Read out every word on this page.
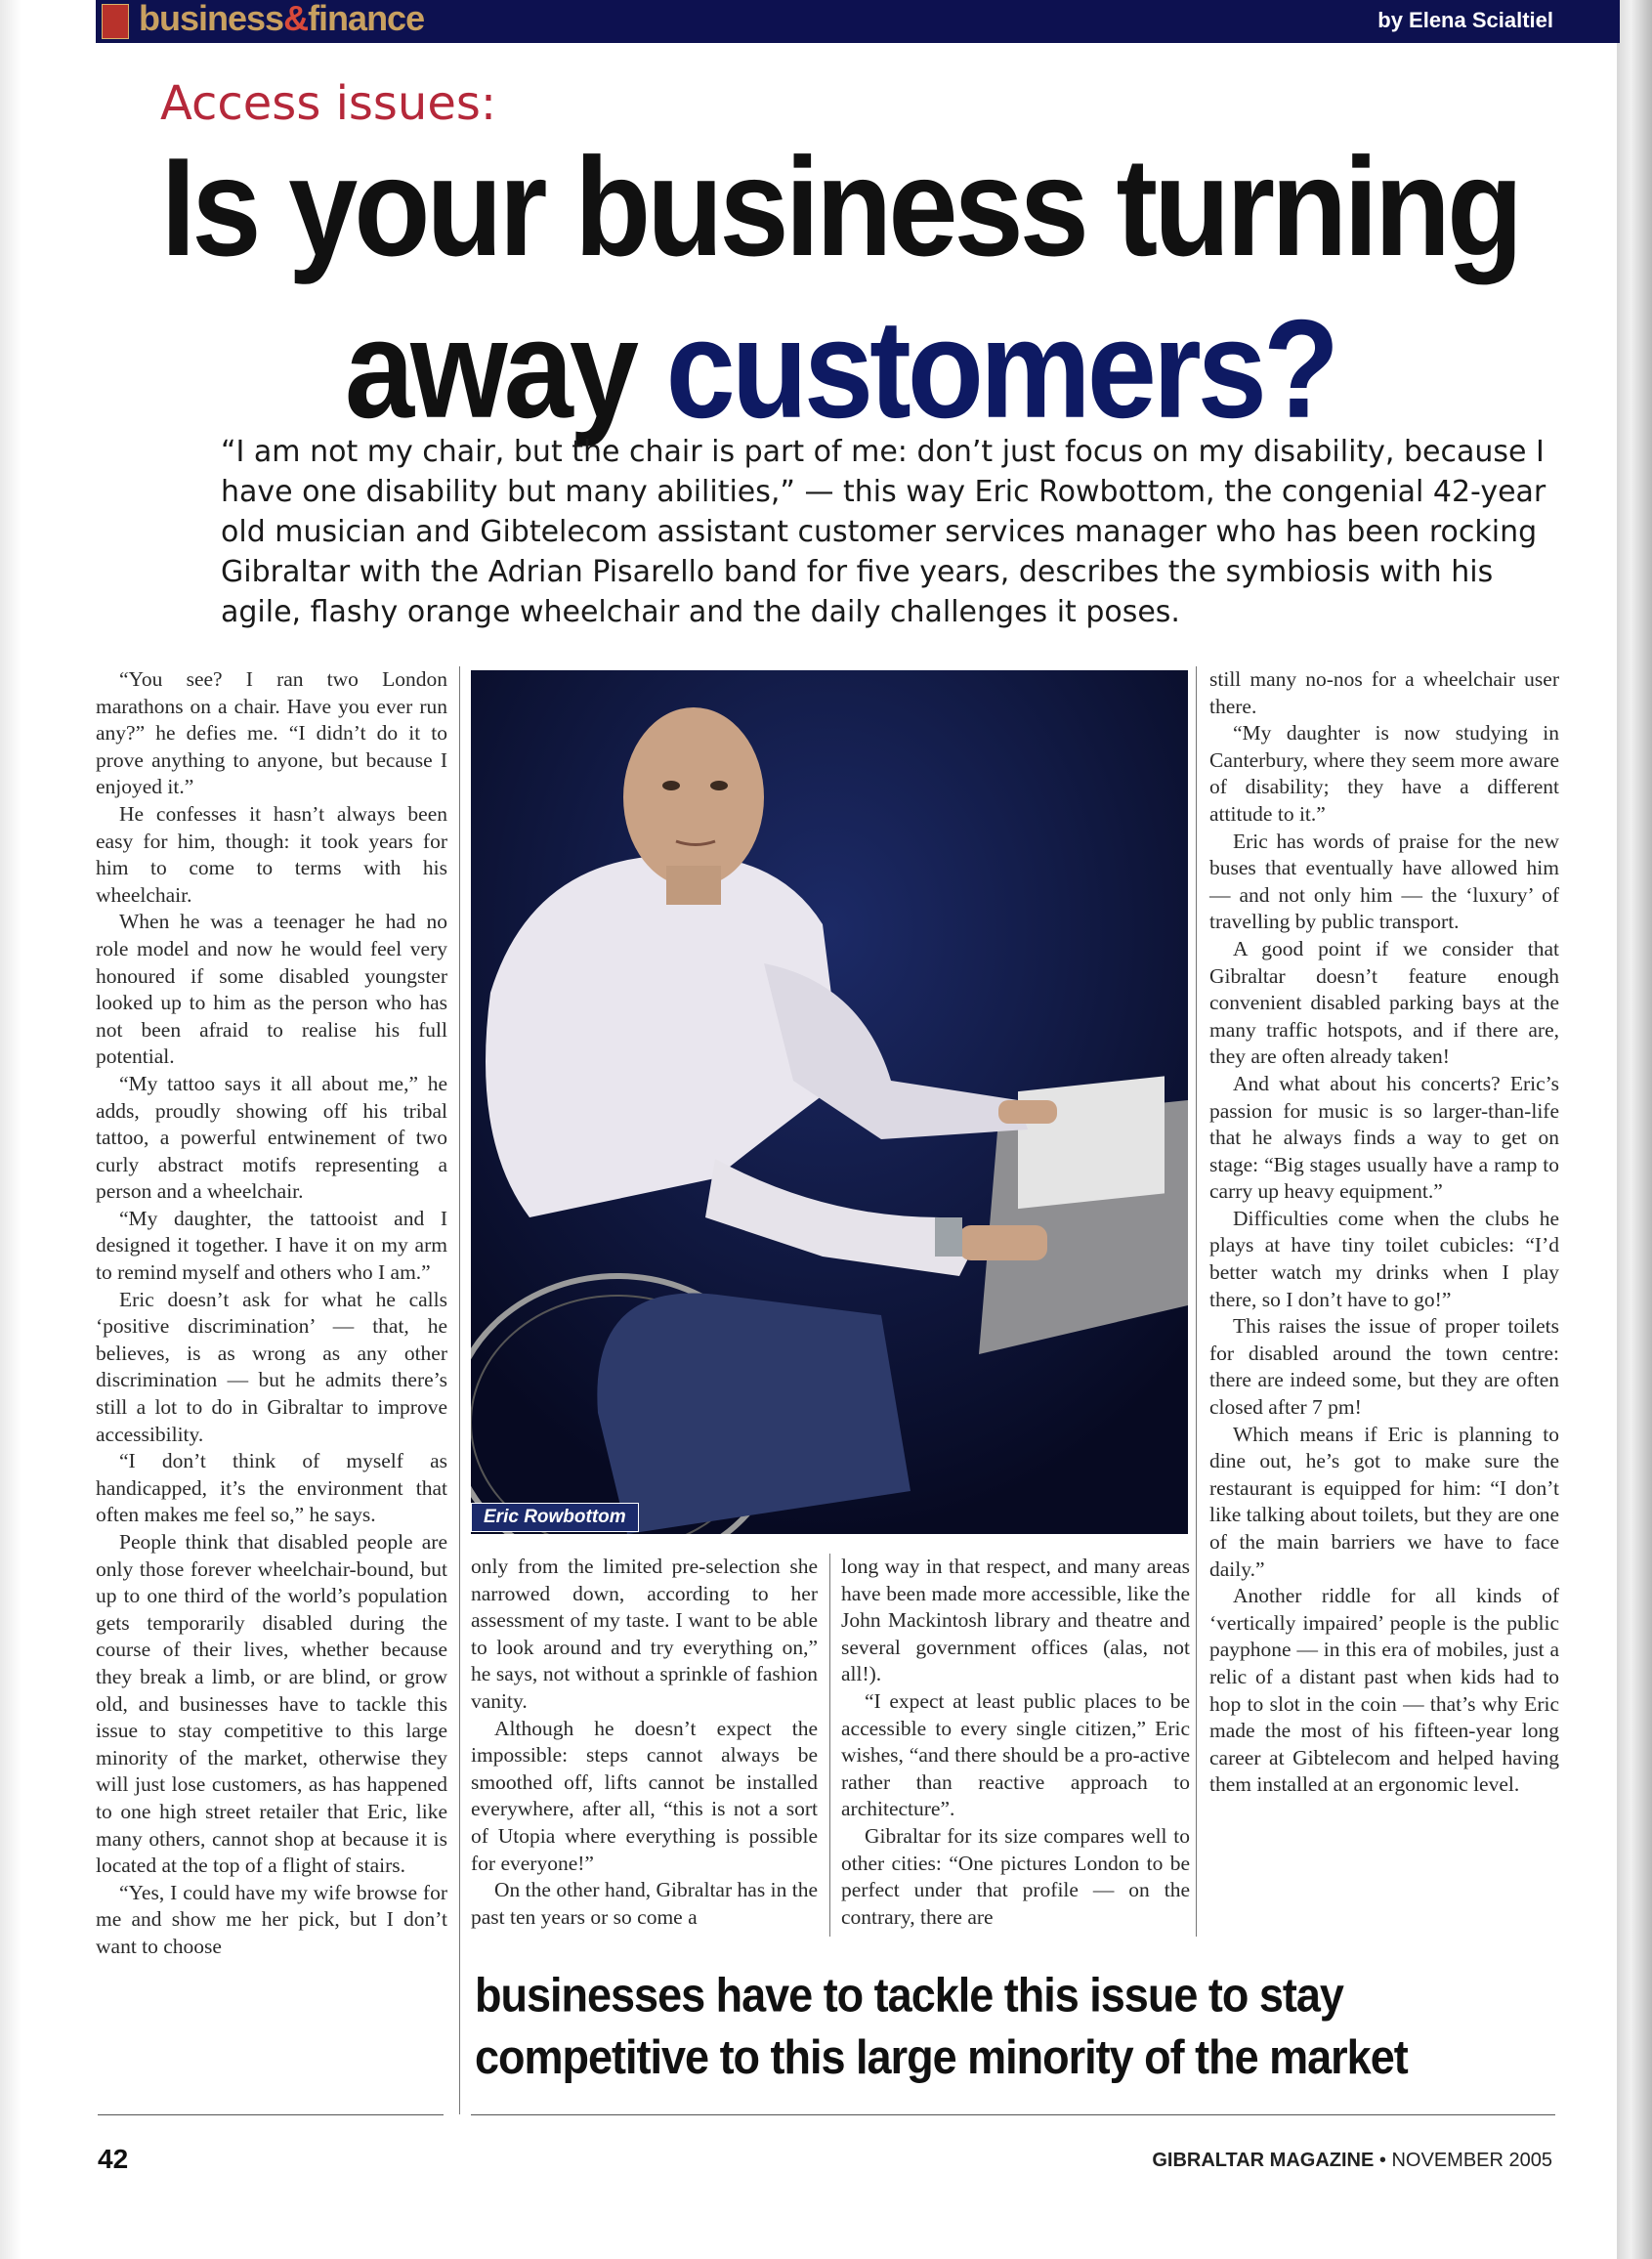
business&finance	by Elena Scialtiel
Access issues:
Is your business turning
away customers?
“I am not my chair, but the chair is part of me: don’t just focus on my disability, because I have one disability but many abilities,” — this way Eric Rowbottom, the congenial 42-year old musician and Gibtelecom assistant customer services manager who has been rocking Gibraltar with the Adrian Pisarello band for five years, describes the symbiosis with his agile, flashy orange wheelchair and the daily challenges it poses.

“You see? I ran two London marathons on a chair. Have you ever run any?” he defies me. “I didn’t do it to prove anything to anyone, but because I enjoyed it.”

He confesses it hasn’t always been easy for him, though: it took years for him to come to terms with his wheelchair.

When he was a teenager he had no role model and now he would feel very honoured if some disabled youngster looked up to him as the person who has not been afraid to realise his full potential.

“My tattoo says it all about me,” he adds, proudly showing off his tribal tattoo, a powerful entwinement of two curly abstract motifs representing a person and a wheelchair.

“My daughter, the tattooist and I designed it together. I have it on my arm to remind myself and others who I am.”

Eric doesn’t ask for what he calls ‘positive discrimination’ — that, he believes, is as wrong as any other discrimination — but he admits there’s still a lot to do in Gibraltar to improve accessibility.

“I don’t think of myself as handicapped, it’s the environment that often makes me feel so,” he says.

People think that disabled people are only those forever wheelchair-bound, but up to one third of the world’s population gets temporarily disabled during the course of their lives, whether because they break a limb, or are blind, or grow old, and businesses have to tackle this issue to stay competitive to this large minority of the market, otherwise they will just lose customers, as has happened to one high street retailer that Eric, like many others, cannot shop at because it is located at the top of a flight of stairs.

“Yes, I could have my wife browse for me and show me her pick, but I don’t want to choose

Eric Rowbottom

only from the limited pre-selection she narrowed down, according to her assessment of my taste. I want to be able to look around and try everything on,” he says, not without a sprinkle of fashion vanity.

Although he doesn’t expect the impossible: steps cannot always be smoothed off, lifts cannot be installed everywhere, after all, “this is not a sort of Utopia where everything is possible for everyone!”

On the other hand, Gibraltar has in the past ten years or so come a

long way in that respect, and many areas have been made more accessible, like the John Mackintosh library and theatre and several government offices (alas, not all!).

“I expect at least public places to be accessible to every single citizen,” Eric wishes, “and there should be a pro-active rather than reactive approach to architecture”.

Gibraltar for its size compares well to other cities: “One pictures London to be perfect under that profile — on the contrary, there are

still many no-nos for a wheelchair user there.

“My daughter is now studying in Canterbury, where they seem more aware of disability; they have a different attitude to it.”

Eric has words of praise for the new buses that eventually have allowed him — and not only him — the ‘luxury’ of travelling by public transport.

A good point if we consider that Gibraltar doesn’t feature enough convenient disabled parking bays at the many traffic hotspots, and if there are, they are often already taken!

And what about his concerts? Eric’s passion for music is so larger-than-life that he always finds a way to get on stage: “Big stages usually have a ramp to carry up heavy equipment.”

Difficulties come when the clubs he plays at have tiny toilet cubicles: “I’d better watch my drinks when I play there, so I don’t have to go!”

This raises the issue of proper toilets for disabled around the town centre: there are indeed some, but they are often closed after 7 pm!

Which means if Eric is planning to dine out, he’s got to make sure the restaurant is equipped for him: “I don’t like talking about toilets, but they are one of the main barriers we have to face daily.”

Another riddle for all kinds of ‘vertically impaired’ people is the public payphone — in this era of mobiles, just a relic of a distant past when kids had to hop to slot in the coin — that’s why Eric made the most of his fifteen-year long career at Gibtelecom and helped having them installed at an ergonomic level.

businesses have to tackle this issue to stay competitive to this large minority of the market
42	GIBRALTAR MAGAZINE • NOVEMBER 2005
